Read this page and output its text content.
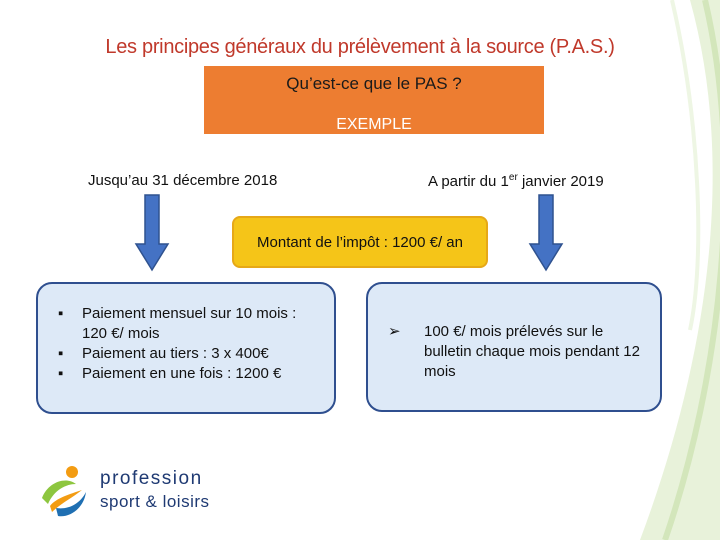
Les principes généraux du prélèvement à la source (P.A.S.)
Qu’est-ce que le PAS ?
EXEMPLE
Jusqu’au 31 décembre 2018	A partir du 1er janvier 2019
Montant de l’impôt : 1200 €/ an
▪ Paiement mensuel sur 10 mois : 120 €/ mois
▪ Paiement au tiers : 3 x 400€
▪ Paiement en une fois : 1200 €
➢ 100 €/ mois prélevés sur le bulletin chaque mois pendant 12 mois
profession
sport & loisirs
